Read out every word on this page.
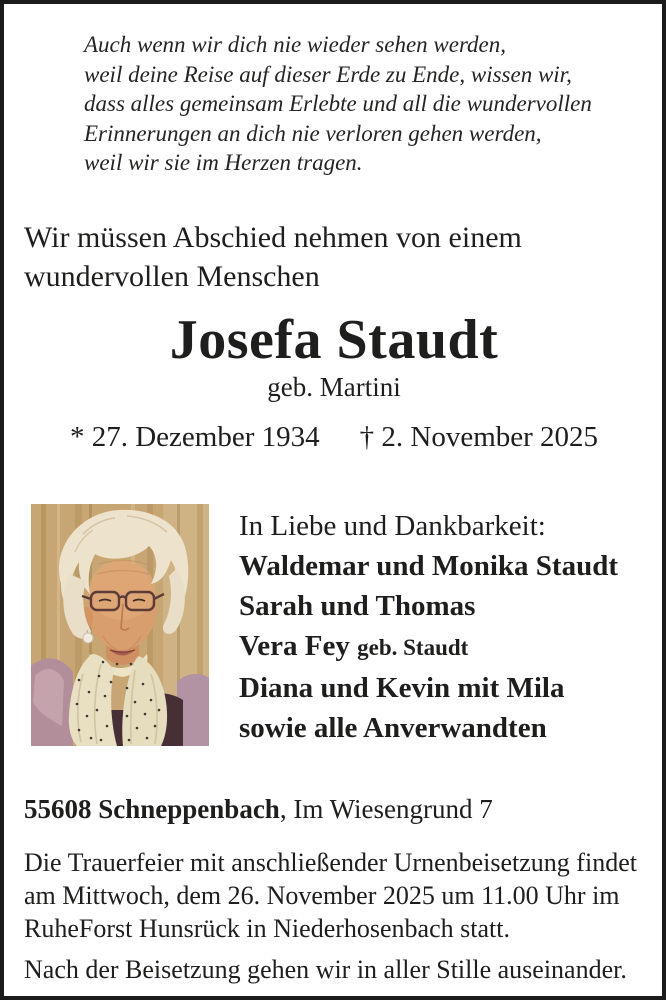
Auch wenn wir dich nie wieder sehen werden,
weil deine Reise auf dieser Erde zu Ende, wissen wir,
dass alles gemeinsam Erlebte und all die wundervollen
Erinnerungen an dich nie verloren gehen werden,
weil wir sie im Herzen tragen.
Wir müssen Abschied nehmen von einem
wundervollen Menschen
Josefa Staudt
geb. Martini
* 27. Dezember 1934 † 2. November 2025
In Liebe und Dankbarkeit:
Waldemar und Monika Staudt
Sarah und Thomas
Vera Fey geb. Staudt
Diana und Kevin mit Mila
sowie alle Anverwandten
55608 Schneppenbach, Im Wiesengrund 7
Die Trauerfeier mit anschließender Urnenbeisetzung findet
am Mittwoch, dem 26. November 2025 um 11.00 Uhr im
RuheForst Hunsrück in Niederhosenbach statt.
Nach der Beisetzung gehen wir in aller Stille auseinander.
